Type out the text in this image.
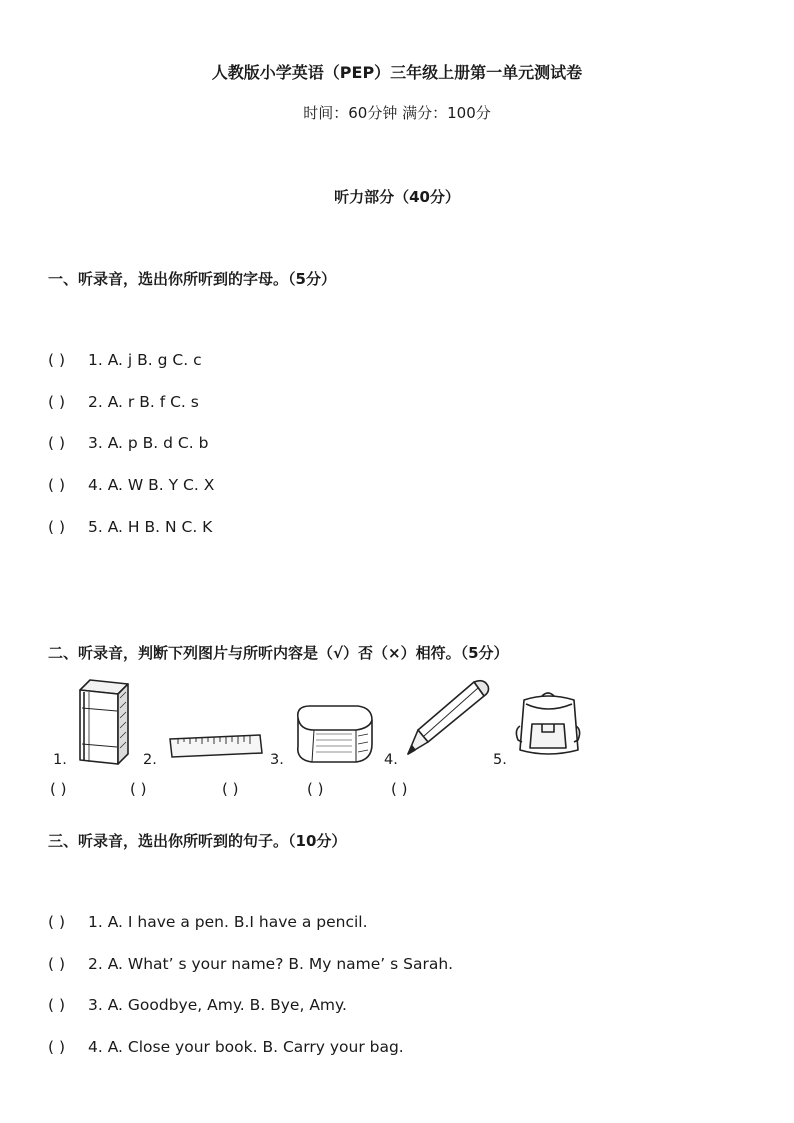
人教版小学英语（PEP）三年级上册第一单元测试卷
时间：60分钟 满分：100分
听力部分（40分）
一、听录音，选出你所听到的字母。（5分）
( ) 1. A. j B. g C. c
( ) 2. A. r B. f C. s
( ) 3. A. p B. d C. b
( ) 4. A. W B. Y C. X
( ) 5. A. H B. N C. K
二、听录音，判断下列图片与所听内容是（√）否（×）相符。（5分）
1.	2.	3.	4.	5.
( )	( )	( )	( )	( )
三、听录音，选出你所听到的句子。（10分）
( ) 1. A. I have a pen. B.I have a pencil.
( ) 2. A. What’ s your name? B. My name’ s Sarah.
( ) 3. A. Goodbye, Amy. B. Bye, Amy.
( ) 4. A. Close your book. B. Carry your bag.
